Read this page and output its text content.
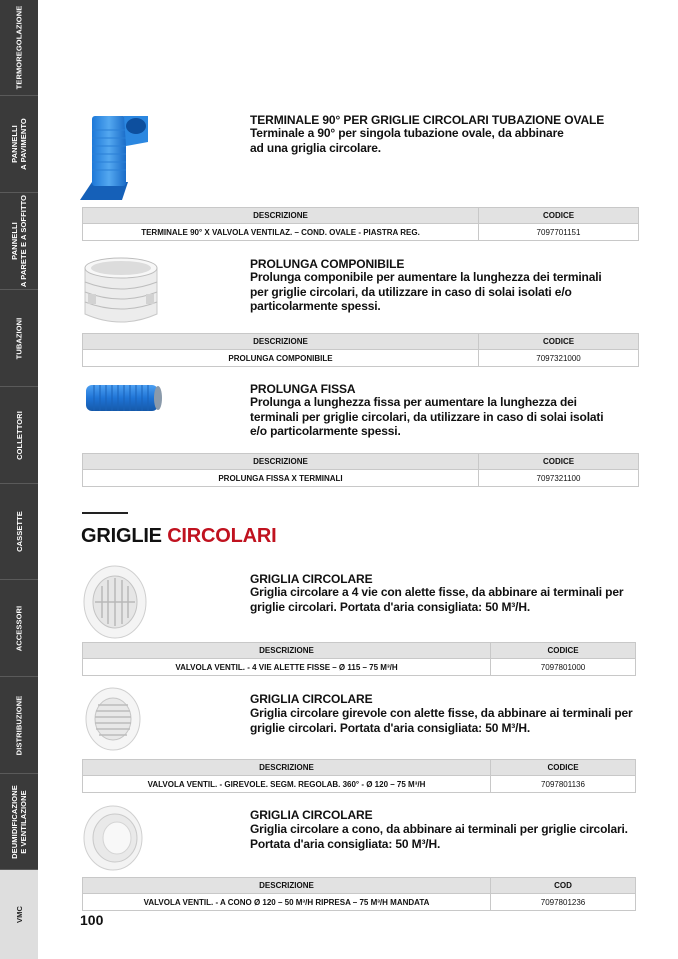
TERMOREGOLAZIONE
PANNELLI
A PAVIMENTO
PANNELLI
A PARETE E A SOFFITTO
TUBAZIONI
COLLETTORI
CASSETTE
ACCESSORI
DISTRIBUZIONE
DEUMIDIFICAZIONE
E VENTILAZIONE
VMC
TERMINALE 90° PER GRIGLIE CIRCOLARI TUBAZIONE OVALE
Terminale a 90° per singola tubazione ovale, da abbinare
ad una griglia circolare.
DESCRIZIONE	CODICE
TERMINALE 90° X VALVOLA VENTILAZ. – COND. OVALE - PIASTRA REG.	7097701151
PROLUNGA COMPONIBILE
Prolunga componibile per aumentare la lunghezza dei terminali
per griglie circolari, da utilizzare in caso di solai isolati e/o
particolarmente spessi.
DESCRIZIONE	CODICE
PROLUNGA COMPONIBILE	7097321000
PROLUNGA FISSA
Prolunga a lunghezza fissa per aumentare la lunghezza dei
terminali per griglie circolari, da utilizzare in caso di solai isolati
e/o particolarmente spessi.
DESCRIZIONE	CODICE
PROLUNGA FISSA X TERMINALI	7097321100
GRIGLIE CIRCOLARI
GRIGLIA CIRCOLARE
Griglia circolare a 4 vie con alette fisse, da abbinare ai terminali per
griglie circolari. Portata d'aria consigliata: 50 M³/H.
DESCRIZIONE	CODICE
VALVOLA VENTIL. - 4 VIE ALETTE FISSE – Ø 115 – 75 M³/H	7097801000
GRIGLIA CIRCOLARE
Griglia circolare girevole con alette fisse, da abbinare ai terminali per
griglie circolari. Portata d'aria consigliata: 50 M³/H.
DESCRIZIONE	CODICE
VALVOLA VENTIL. - GIREVOLE. SEGM. REGOLAB. 360° - Ø 120 – 75 M³/H	7097801136
GRIGLIA CIRCOLARE
Griglia circolare a cono, da abbinare ai terminali per griglie circolari.
Portata d'aria consigliata: 50 M³/H.
DESCRIZIONE	COD
VALVOLA VENTIL. - A CONO Ø 120 – 50 M³/H RIPRESA – 75 M³/H MANDATA	7097801236
100
